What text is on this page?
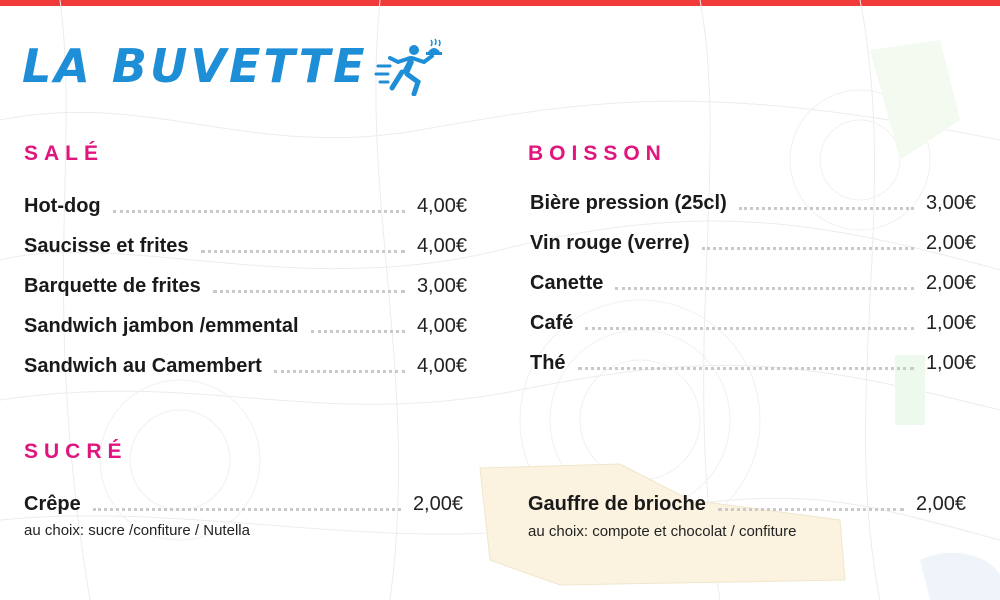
LA BUVETTE
SALÉ
Hot-dog	4,00€
Saucisse et frites	4,00€
Barquette de frites	3,00€
Sandwich jambon /emmental	4,00€
Sandwich au Camembert	4,00€
BOISSON
Bière pression (25cl)	3,00€
Vin rouge (verre)	2,00€
Canette	2,00€
Café	1,00€
Thé	1,00€
SUCRÉ
Crêpe	2,00€
au choix: sucre /confiture / Nutella
Gauffre de brioche	2,00€
au choix: compote et chocolat / confiture
